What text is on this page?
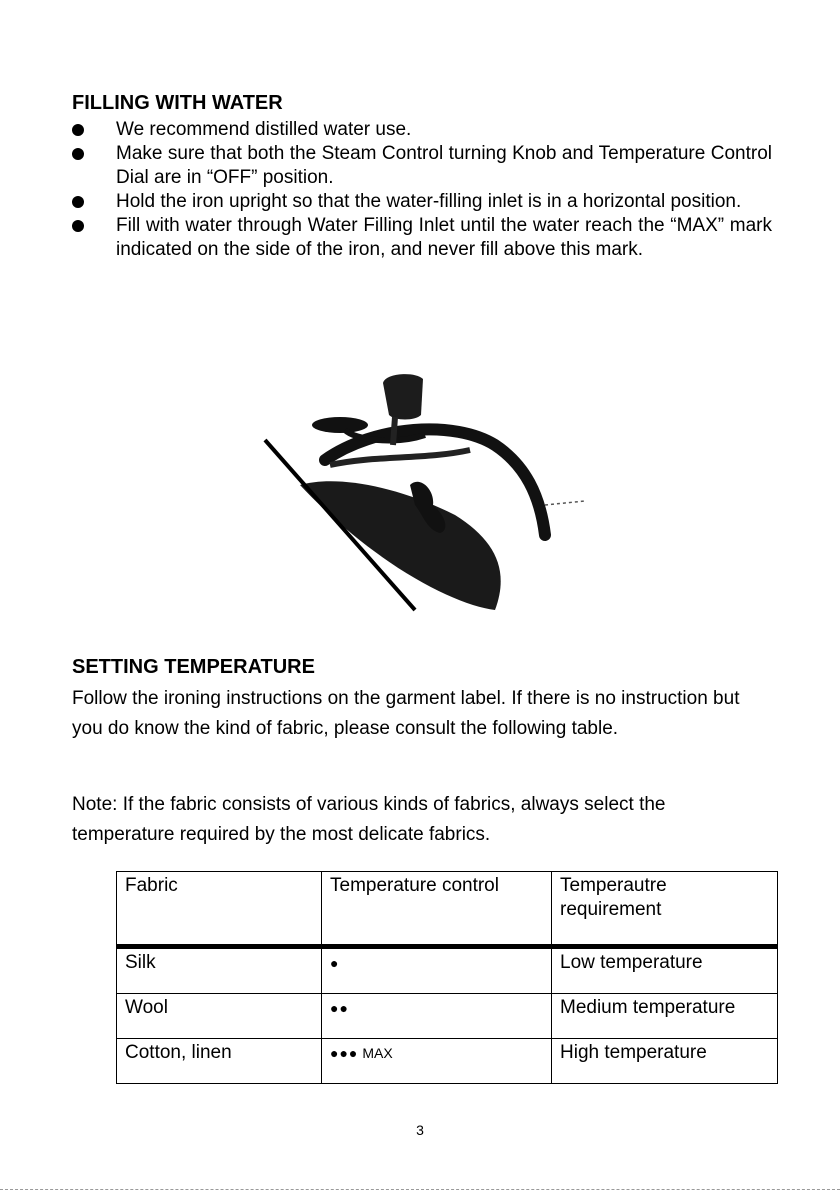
FILLING WITH WATER
We recommend distilled water use.
Make sure that both the Steam Control turning Knob and Temperature Control Dial are in “OFF” position.
Hold the iron upright so that the water-filling inlet is in a horizontal position.
Fill with water through Water Filling Inlet until the water reach the “MAX” mark indicated on the side of the iron, and never fill above this mark.
SETTING TEMPERATURE

Follow the ironing instructions on the garment label. If there is no instruction but you do know the kind of fabric, please consult the following table.

Note: If the fabric consists of various kinds of fabrics, always select the temperature required by the most delicate fabrics.

Fabric	Temperature control	Temperautre requirement
Silk	●	Low temperature
Wool	●●	Medium temperature
Cotton, linen	●●● MAX	High temperature
3
